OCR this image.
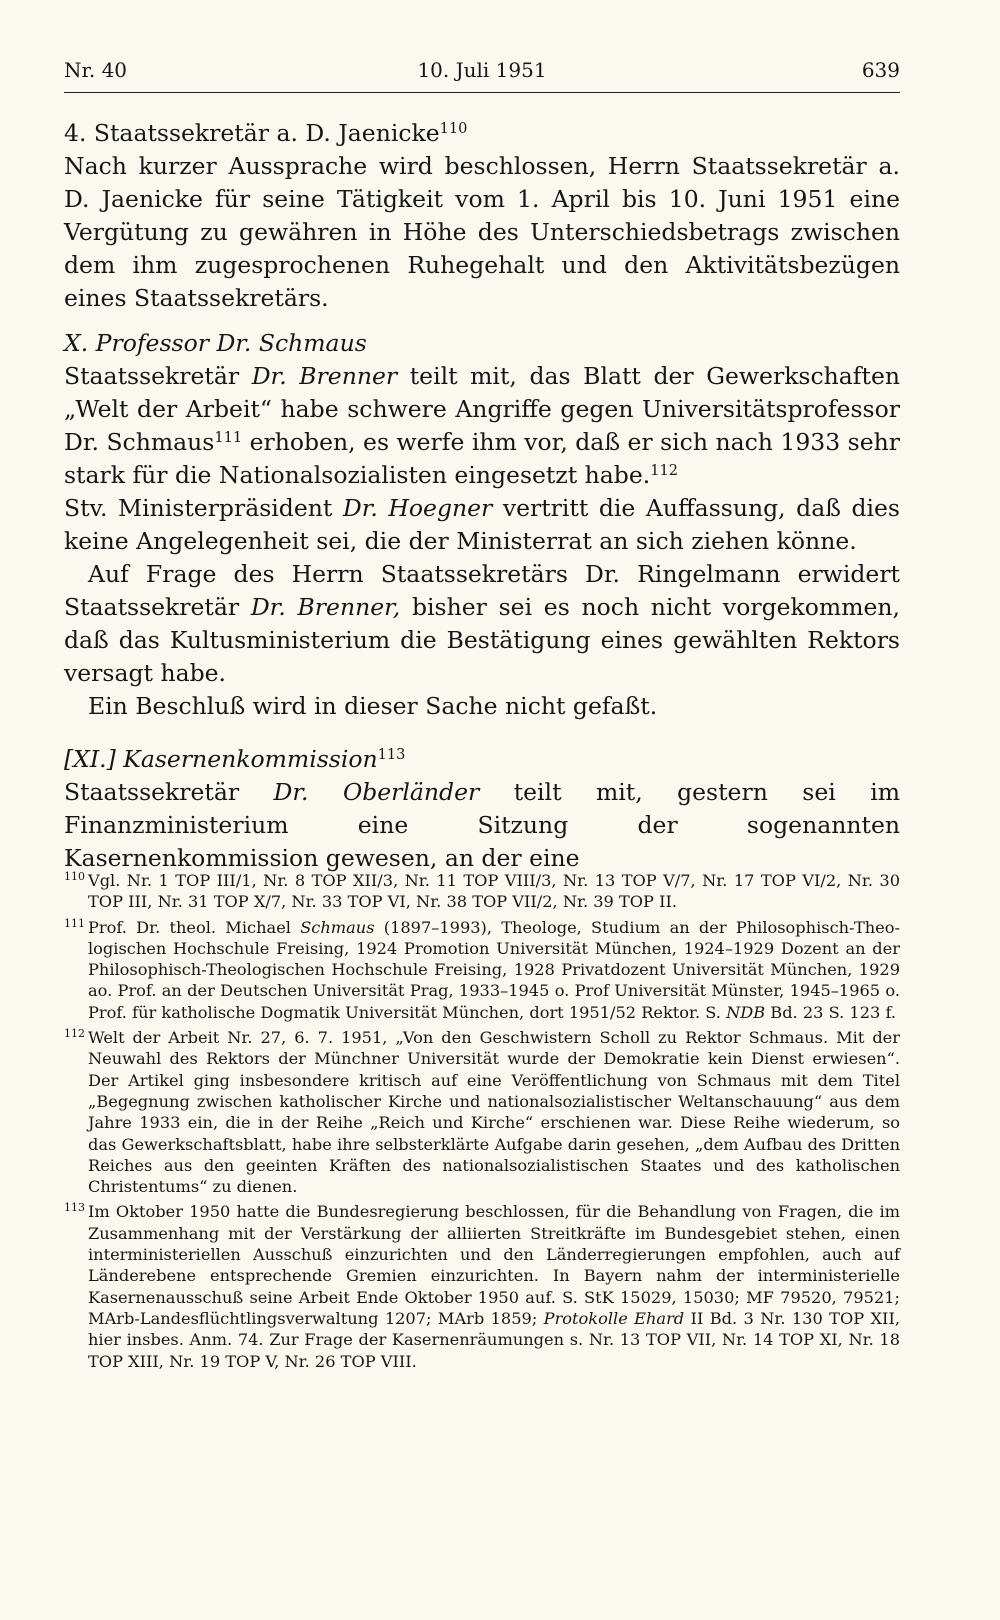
Nr. 40	10. Juli 1951	639

4. Staatssekretär a. D. Jaenicke$^{110}$

Nach kurzer Aussprache wird beschlossen, Herrn Staatssekretär a. D. Jaenicke für seine Tätigkeit vom 1. April bis 10. Juni 1951 eine Vergütung zu gewähren in Höhe des Unterschiedsbetrags zwischen dem ihm zugesprochenen Ruhegehalt und den Aktivitätsbezügen eines Staatssekretärs.

X. Professor Dr. Schmaus

Staatssekretär Dr. Brenner teilt mit, das Blatt der Gewerkschaften „Welt der Arbeit“ habe schwere Angriffe gegen Universitätsprofessor Dr. Schmaus$^{111}$ erhoben, es werfe ihm vor, daß er sich nach 1933 sehr stark für die Nationalsozialisten eingesetzt habe.$^{112}$

Stv. Ministerpräsident Dr. Hoegner vertritt die Auffassung, daß dies keine Angelegenheit sei, die der Ministerrat an sich ziehen könne.

Auf Frage des Herrn Staatssekretärs Dr. Ringelmann erwidert Staatssekretär Dr. Brenner, bisher sei es noch nicht vorgekommen, daß das Kultusministerium die Bestätigung eines gewählten Rektors versagt habe.

Ein Beschluß wird in dieser Sache nicht gefaßt.

[XI.] Kasernenkommission$^{113}$

Staatssekretär Dr. Oberländer teilt mit, gestern sei im Finanzministerium eine Sitzung der sogenannten Kasernenkommission gewesen, an der eine

110 Vgl. Nr. 1 TOP III/1, Nr. 8 TOP XII/3, Nr. 11 TOP VIII/3, Nr. 13 TOP V/7, Nr. 17 TOP VI/2, Nr. 30 TOP III, Nr. 31 TOP X/7, Nr. 33 TOP VI, Nr. 38 TOP VII/2, Nr. 39 TOP II.
111 Prof. Dr. theol. Michael Schmaus (1897–1993), Theologe, Studium an der Philosophisch-Theologischen Hochschule Freising, 1924 Promotion Universität München, 1924–1929 Dozent an der Philosophisch-Theologischen Hochschule Freising, 1928 Privatdozent Universität München, 1929 ao. Prof. an der Deutschen Universität Prag, 1933–1945 o. Prof Universität Münster, 1945–1965 o. Prof. für katholische Dogmatik Universität München, dort 1951/52 Rektor. S. NDB Bd. 23 S. 123 f.
112 Welt der Arbeit Nr. 27, 6. 7. 1951, „Von den Geschwistern Scholl zu Rektor Schmaus. Mit der Neuwahl des Rektors der Münchner Universität wurde der Demokratie kein Dienst erwiesen“. Der Artikel ging insbesondere kritisch auf eine Veröffentlichung von Schmaus mit dem Titel „Begegnung zwischen katholischer Kirche und nationalsozialistischer Weltanschauung“ aus dem Jahre 1933 ein, die in der Reihe „Reich und Kirche“ erschienen war. Diese Reihe wiederum, so das Gewerkschaftsblatt, habe ihre selbsterklärte Aufgabe darin gesehen, „dem Aufbau des Dritten Reiches aus den geeinten Kräften des nationalsozialistischen Staates und des katholischen Christentums“ zu dienen.
113 Im Oktober 1950 hatte die Bundesregierung beschlossen, für die Behandlung von Fragen, die im Zusammenhang mit der Verstärkung der alliierten Streitkräfte im Bundesgebiet stehen, einen interministeriellen Ausschuß einzurichten und den Länderregierungen empfohlen, auch auf Länderebene entsprechende Gremien einzurichten. In Bayern nahm der interministerielle Kasernenausschuß seine Arbeit Ende Oktober 1950 auf. S. StK 15029, 15030; MF 79520, 79521; MArb-Landesflüchtlingsverwaltung 1207; MArb 1859; Protokolle Ehard II Bd. 3 Nr. 130 TOP XII, hier insbes. Anm. 74. Zur Frage der Kasernenräumungen s. Nr. 13 TOP VII, Nr. 14 TOP XI, Nr. 18 TOP XIII, Nr. 19 TOP V, Nr. 26 TOP VIII.
